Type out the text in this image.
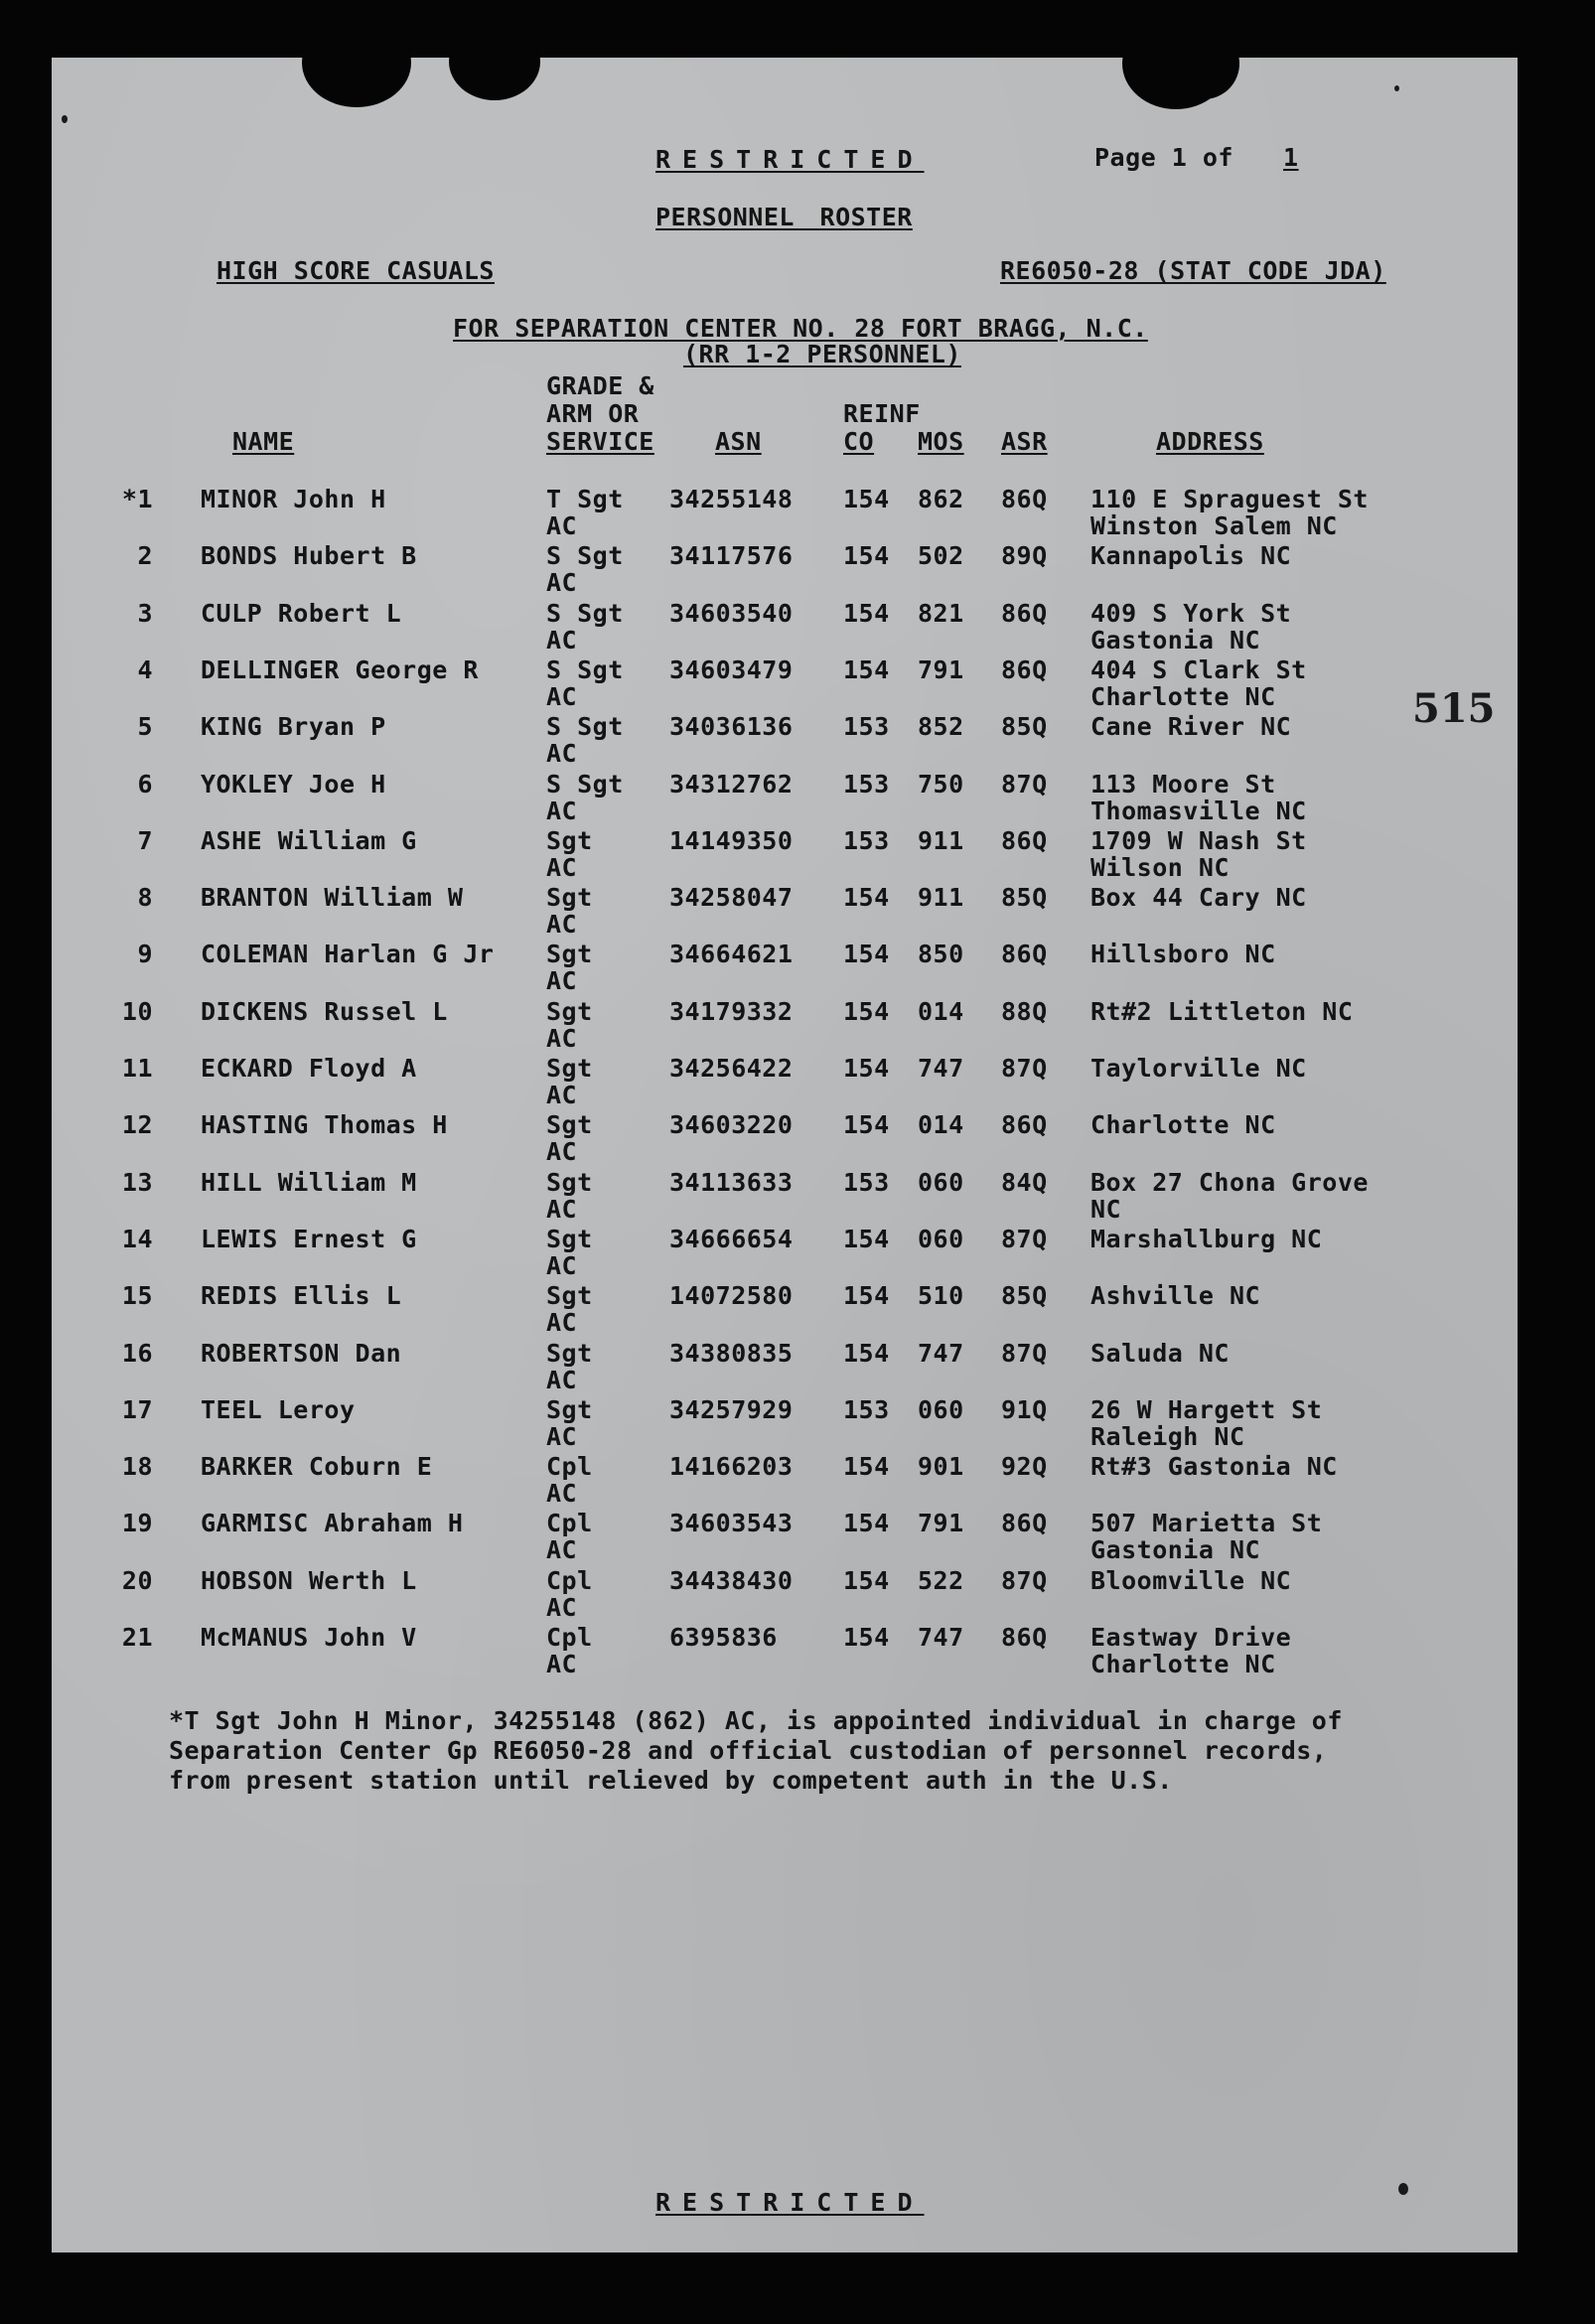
RESTRICTED	Page 1 of 1
PERSONNEL ROSTER
HIGH SCORE CASUALS	RE6050-28 (STAT CODE JDA)
FOR SEPARATION CENTER NO. 28 FORT BRAGG, N.C.
(RR 1-2 PERSONNEL)
GRADE &
ARM OR
SERVICE
NAME	ASN
REINF
CO MOS ASR	ADDRESS
*1 MINOR John H	T Sgt 34255148 154 862 86Q 110 E Spraguest St
AC	Winston Salem NC
2 BONDS Hubert B	S Sgt 34117576 154 502 89Q Kannapolis NC
AC
3 CULP Robert L	S Sgt 34603540 154 821 86Q 409 S York St
AC	Gastonia NC
4 DELLINGER George R	S Sgt 34603479 154 791 86Q 404 S Clark St
AC	Charlotte NC
5 KING Bryan P	S Sgt 34036136 153 852 85Q Cane River NC
AC
6 YOKLEY Joe H	S Sgt 34312762 153 750 87Q 113 Moore St
AC	Thomasville NC
7 ASHE William G	Sgt	14149350 153 911 86Q 1709 W Nash St
AC	Wilson NC
8 BRANTON William W	Sgt	34258047 154 911 85Q Box 44 Cary NC
AC
9 COLEMAN Harlan G Jr Sgt	34664621 154 850 86Q Hillsboro NC
AC
10 DICKENS Russel L	Sgt	34179332 154 014 88Q Rt#2 Littleton NC
AC
11 ECKARD Floyd A	Sgt	34256422 154 747 87Q Taylorville NC
AC
12 HASTING Thomas H	Sgt	34603220 154 014 86Q Charlotte NC
AC
13 HILL William M	Sgt	34113633 153 060 84Q Box 27 Chona Grove
AC	NC
14 LEWIS Ernest G	Sgt	34666654 154 060 87Q Marshallburg NC
AC
15 REDIS Ellis L	Sgt	14072580 154 510 85Q Ashville NC
AC
16 ROBERTSON Dan	Sgt	34380835 154 747 87Q Saluda NC
AC
17 TEEL Leroy	Sgt	34257929 153 060 91Q 26 W Hargett St
AC	Raleigh NC
18 BARKER Coburn E	Cpl	14166203 154 901 92Q Rt#3 Gastonia NC
AC
19 GARMISC Abraham H	Cpl	34603543 154 791 86Q 507 Marietta St
AC	Gastonia NC
20 HOBSON Werth L	Cpl	34438430 154 522 87Q Bloomville NC
AC
21 McMANUS John V	Cpl	6395836	154 747 86Q Eastway Drive
AC	Charlotte NC
515
*T Sgt John H Minor, 34255148 (862) AC, is appointed individual in charge of
Separation Center Gp RE6050-28 and official custodian of personnel records,
from present station until relieved by competent auth in the U.S.
RESTRICTED
